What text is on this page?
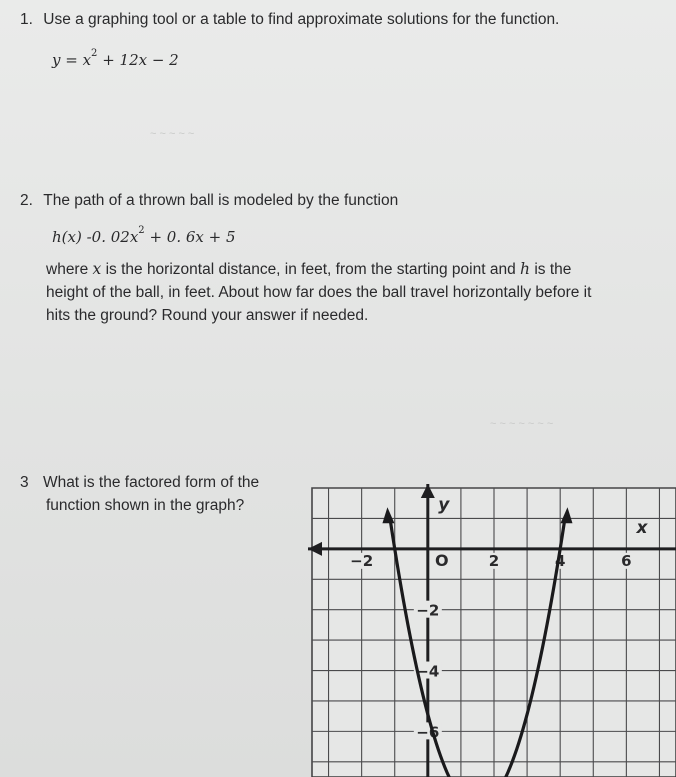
~ ~ ~ ~ ~
~ ~ ~ ~ ~ ~ ~
1. Use a graphing tool or a table to find approximate solutions for the function.
$y = x^2 + 12x - 2$
2. The path of a thrown ball is modeled by the function
h(x) -0. $02x^2 + 0$. 6x + 5
where x is the horizontal distance, in feet, from the starting point and h is the
height of the ball, in feet. About how far does the ball travel horizontally before it
hits the ground? Round your answer if needed.
3 What is the factored form of the
function shown in the graph?	y
x
O
−2	2	4	6
−2
−4
−6
